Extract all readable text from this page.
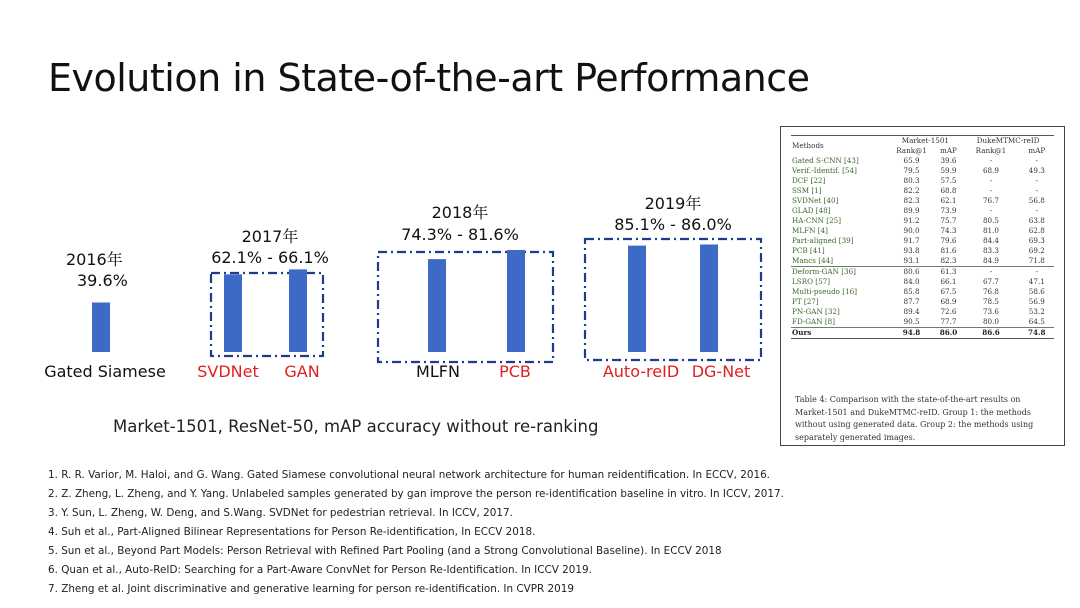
Evolution in State-of-the-art Performance
2016年
39.6%
Gated Siamese
2017年
62.1% - 66.1%
SVDNet GAN
2018年
74.3% - 81.6%
MLFN PCB
2019年
85.1% - 86.0%
Auto-reID DG-Net
Market-1501, ResNet-50, mAP accuracy without re-ranking
1. R. R. Varior, M. Haloi, and G. Wang. Gated Siamese convolutional neural network architecture for human reidentification. In ECCV, 2016.
2. Z. Zheng, L. Zheng, and Y. Yang. Unlabeled samples generated by gan improve the person re-identification baseline in vitro. In ICCV, 2017.
3. Y. Sun, L. Zheng, W. Deng, and S.Wang. SVDNet for pedestrian retrieval. In ICCV, 2017.
4. Suh et al., Part-Aligned Bilinear Representations for Person Re-identification, In ECCV 2018.
5. Sun et al., Beyond Part Models: Person Retrieval with Refined Part Pooling (and a Strong Convolutional Baseline). In ECCV 2018
6. Quan et al., Auto-ReID: Searching for a Part-Aware ConvNet for Person Re-Identification. In ICCV 2019.
7. Zheng et al. Joint discriminative and generative learning for person re-identification. In CVPR 2019
Methods	Market-1501		DukeMTMC-reID	
	Rank@1	mAP	Rank@1	mAP
Gated S-CNN [43]	65.9	39.6	-	-
Verif.-Identif. [54]	79.5	59.9	68.9	49.3
DCF [22]	80.3	57.5	-	-
SSM [1]	82.2	68.8	-	-
SVDNet [40]	82.3	62.1	76.7	56.8
GLAD [48]	89.9	73.9	-	-
HA-CNN [25]	91.2	75.7	80.5	63.8
MLFN [4]	90.0	74.3	81.0	62.8
Part-aligned [39]	91.7	79.6	84.4	69.3
PCB [41]	93.8	81.6	83.3	69.2
Mancs [44]	93.1	82.3	84.9	71.8
Deform-GAN [36]	80.6	61.3	-	-
LSRO [57]	84.0	66.1	67.7	47.1
Multi-pseudo [16]	85.8	67.5	76.8	58.6
PT [27]	87.7	68.9	78.5	56.9
PN-GAN [32]	89.4	72.6	73.6	53.2
FD-GAN [8]	90.5	77.7	80.0	64.5
Ours	94.8	86.0	86.6	74.8
Table 4: Comparison with the state-of-the-art results on Market-1501 and DukeMTMC-reID. Group 1: the methods without using generated data. Group 2: the methods using separately generated images.
